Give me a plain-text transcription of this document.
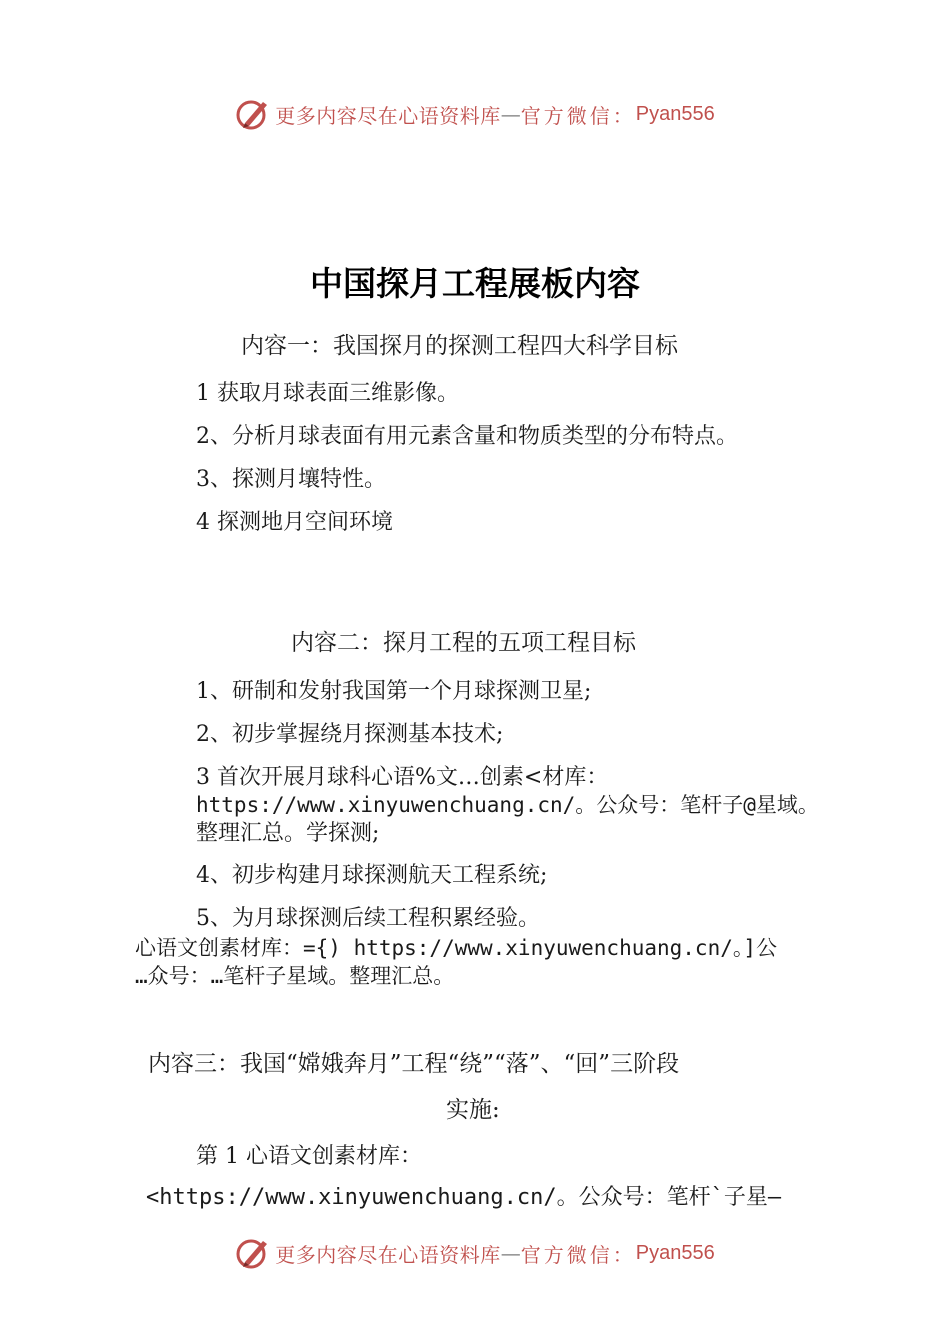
更多内容尽在心语资料库 — 官方微信： Pyan556
中国探月工程展板内容
内容一：我国探月的探测工程四大科学目标
1 获取月球表面三维影像。
2、分析月球表面有用元素含量和物质类型的分布特点。
3、探测月壤特性。
4 探测地月空间环境
内容二：探月工程的五项工程目标
1、研制和发射我国第一个月球探测卫星;
2、初步掌握绕月探测基本技术;
3 首次开展月球科心语%文…创素<材库：
https://www.xinyuwenchuang.cn/。公众号：笔杆子@星域。
整理汇总。学探测;
4、初步构建月球探测航天工程系统;
5、为月球探测后续工程积累经验。
心语文创素材库：={) https://www.xinyuwenchuang.cn/。]公
…众号：…笔杆子星域。整理汇总。
内容三：我国“嫦娥奔月”工程“绕”“落”、“回”三阶段
实施:
第 1 心语文创素材库：
<https://www.xinyuwenchuang.cn/。公众号：笔杆`子星—
更多内容尽在心语资料库 — 官方微信： Pyan556
